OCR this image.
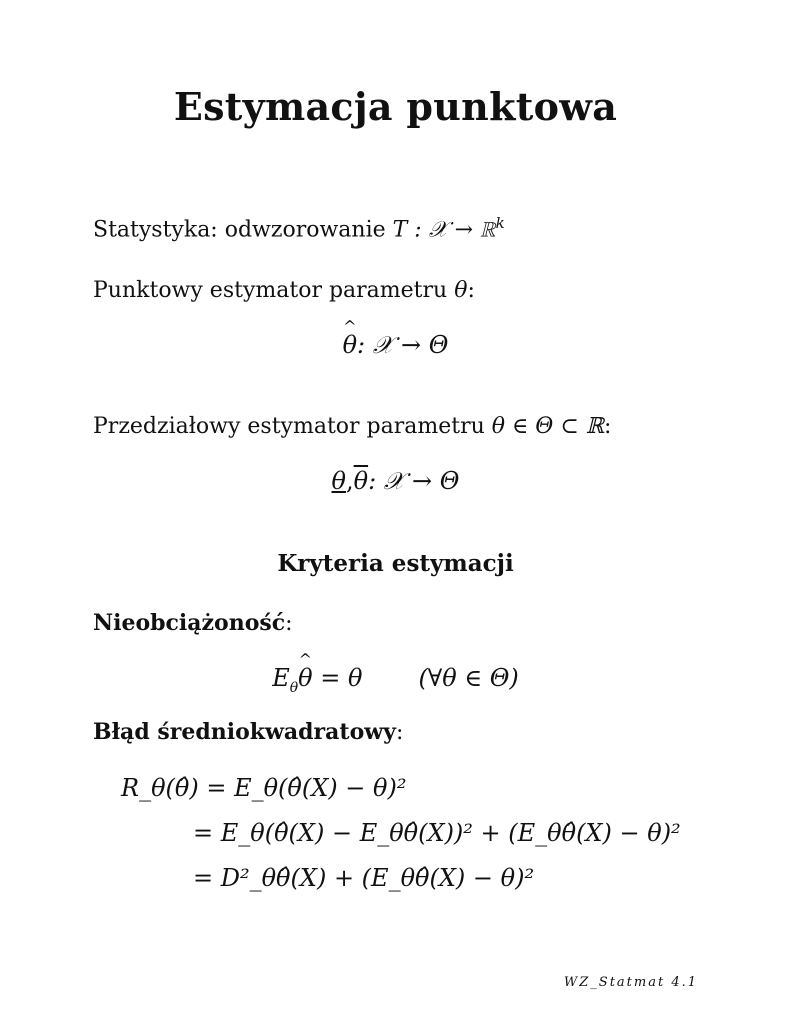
Estymacja punktowa
Statystyka: odwzorowanie T : 𝒳 → ℝ$^k$
Punktowy estymator parametru θ:
^ θ: 𝒳 → Θ
Przedziałowy estymator parametru θ ∈ Θ ⊂ ℝ:
$\theta,\overline{\theta}$: 𝒳 → Θ
Kryteria estymacji
Nieobciążoność:
$E_\theta\^{}$ θ = θ (∀θ ∈ Θ)
Błąd średniokwadratowy:
R_θ(θ̂) = E_θ(θ̂(X) − θ)²
= E_θ(θ̂(X) − E_θθ̂(X))² + (E_θθ̂(X) − θ)²
= D²_θθ̂(X) + (E_θθ̂(X) − θ)²
WZ_Statmat 4.1
